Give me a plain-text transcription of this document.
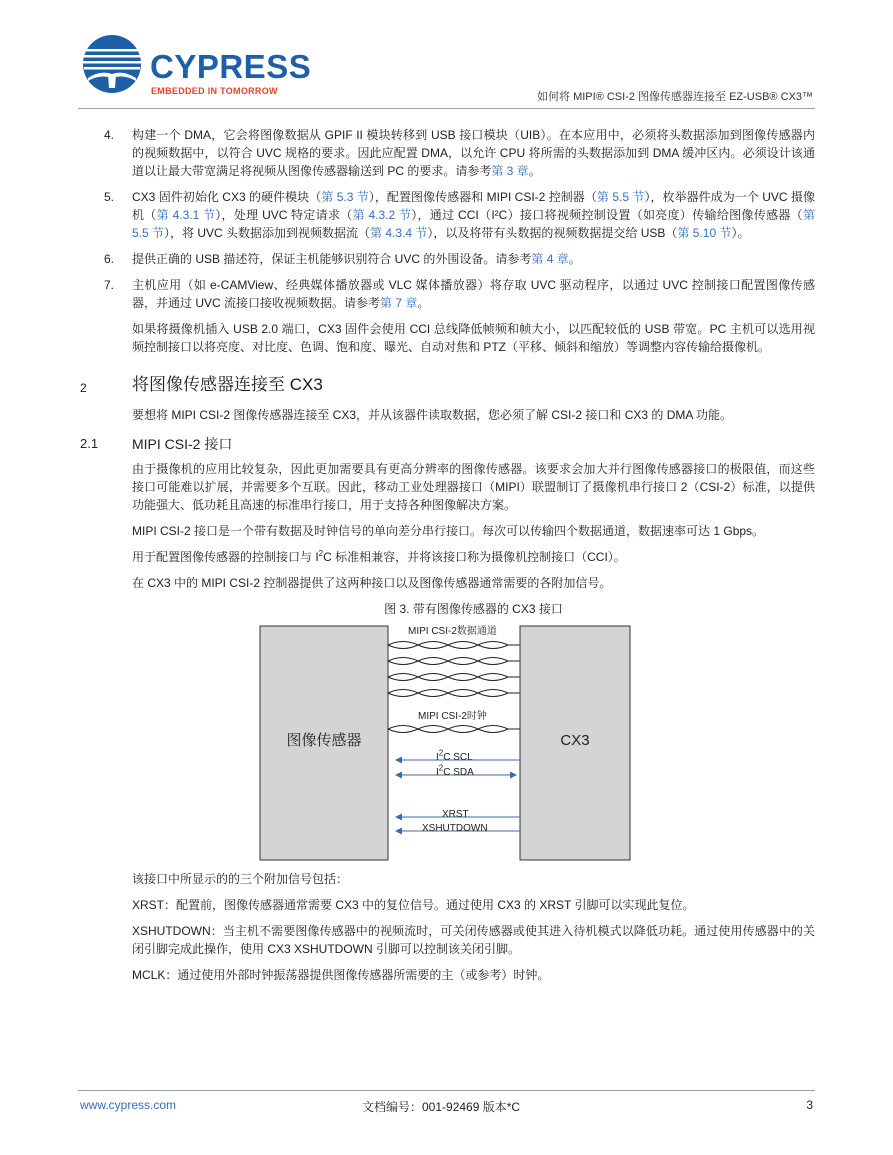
CYPRESS
EMBEDDED IN TOMORROW	如何将 MIPI® CSI-2 图像传感器连接至 EZ-USB® CX3™
4.	构建一个 DMA，它会将图像数据从 GPIF II 模块转移到 USB 接口模块（UIB）。在本应用中，必须将头数据添加到图像传感器内的视频数据中，以符合 UVC 规格的要求。因此应配置 DMA，以允许 CPU 将所需的头数据添加到 DMA 缓冲区内。必须设计该通道以让最大带宽满足将视频从图像传感器输送到 PC 的要求。请参考第 3 章。
5.	CX3 固件初始化 CX3 的硬件模块（第 5.3 节），配置图像传感器和 MIPI CSI-2 控制器（第 5.5 节），枚举器件成为一个 UVC 摄像机（第 4.3.1 节），处理 UVC 特定请求（第 4.3.2 节），通过 CCI（I²C）接口将视频控制设置（如亮度）传输给图像传感器（第 5.5 节），将 UVC 头数据添加到视频数据流（第 4.3.4 节），以及将带有头数据的视频数据提交给 USB（第 5.10 节）。
6.	提供正确的 USB 描述符，保证主机能够识别符合 UVC 的外围设备。请参考第 4 章。
7.	主机应用（如 e-CAMView、经典媒体播放器或 VLC 媒体播放器）将存取 UVC 驱动程序，以通过 UVC 控制接口配置图像传感器，并通过 UVC 流接口接收视频数据。请参考第 7 章。
如果将摄像机插入 USB 2.0 端口，CX3 固件会使用 CCI 总线降低帧频和帧大小，以匹配较低的 USB 带宽。PC 主机可以选用视频控制接口以将亮度、对比度、色调、饱和度、曝光、自动对焦和 PTZ（平移、倾斜和缩放）等调整内容传输给摄像机。
2	将图像传感器连接至 CX3
要想将 MIPI CSI-2 图像传感器连接至 CX3，并从该器件读取数据，您必须了解 CSI-2 接口和 CX3 的 DMA 功能。
2.1 MIPI CSI-2 接口
由于摄像机的应用比较复杂，因此更加需要具有更高分辨率的图像传感器。该要求会加大并行图像传感器接口的极限值，而这些接口可能难以扩展，并需要多个互联。因此，移动工业处理器接口（MIPI）联盟制订了摄像机串行接口 2（CSI-2）标准，以提供功能强大、低功耗且高速的标准串行接口，用于支持各种图像解决方案。
MIPI CSI-2 接口是一个带有数据及时钟信号的单向差分串行接口。每次可以传输四个数据通道，数据速率可达 1 Gbps。
用于配置图像传感器的控制接口与 $I^2C$ 标准相兼容，并将该接口称为摄像机控制接口（CCI）。
在 CX3 中的 MIPI CSI-2 控制器提供了这两种接口以及图像传感器通常需要的各附加信号。
图 3. 带有图像传感器的 CX3 接口
图像传感器	CX3
MIPI CSI-2数据通道
MIPI CSI-2时钟
$I^2C$ SCL
$I^2C$ SDA
XRST
XSHUTDOWN
该接口中所显示的的三个附加信号包括：
XRST：配置前，图像传感器通常需要 CX3 中的复位信号。通过使用 CX3 的 XRST 引脚可以实现此复位。
XSHUTDOWN：当主机不需要图像传感器中的视频流时，可关闭传感器或使其进入待机模式以降低功耗。通过使用传感器中的关闭引脚完成此操作，使用 CX3 XSHUTDOWN 引脚可以控制该关闭引脚。
MCLK：通过使用外部时钟振荡器提供图像传感器所需要的主（或参考）时钟。
www.cypress.com	文档编号：001-92469 版本*C	3
